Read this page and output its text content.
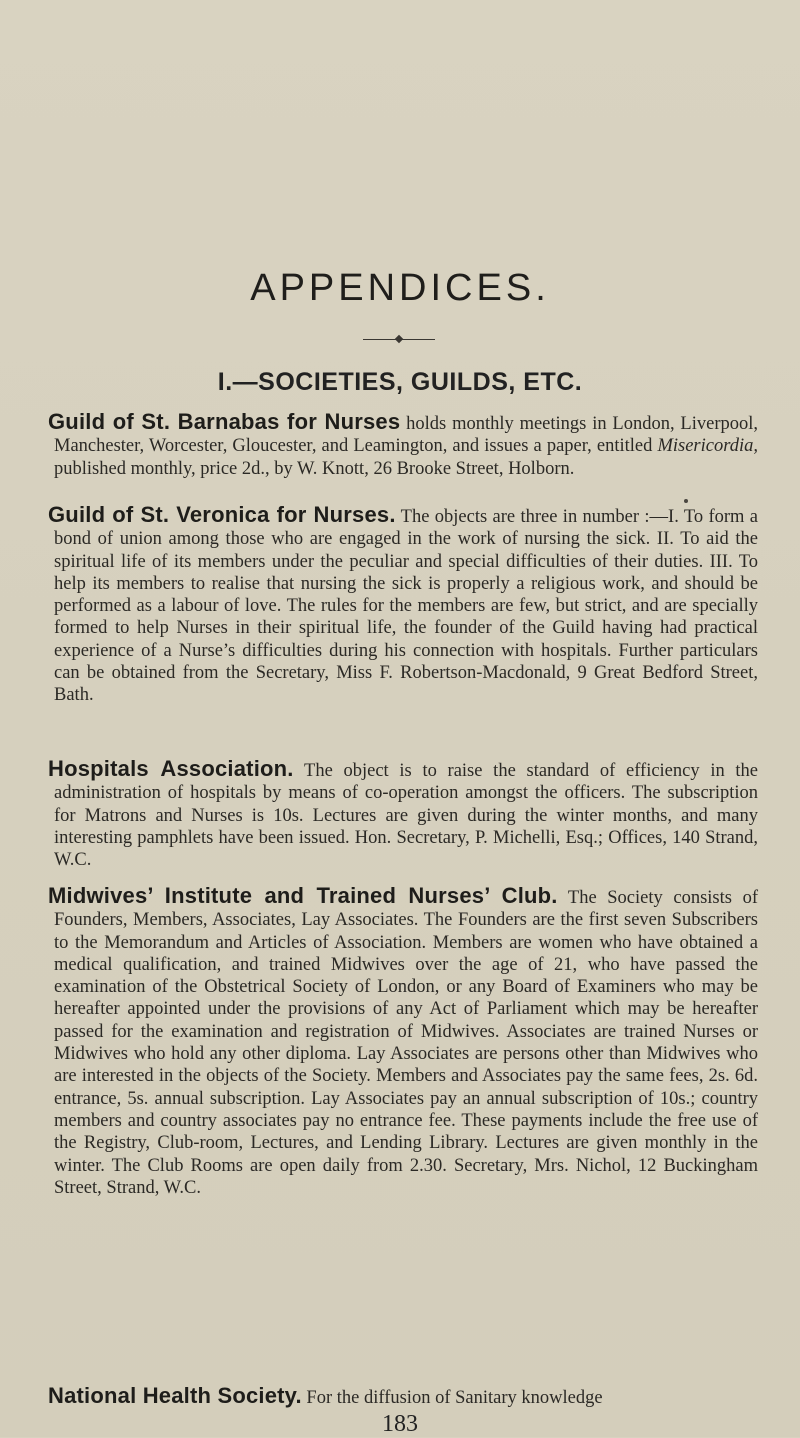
APPENDICES.
I.—SOCIETIES, GUILDS, ETC.

Guild of St. Barnabas for Nurses holds monthly meetings in London, Liverpool, Manchester, Worcester, Gloucester, and Leamington, and issues a paper, entitled Misericordia, published monthly, price 2d., by W. Knott, 26 Brooke Street, Holborn.

Guild of St. Veronica for Nurses. The objects are three in number :—I. To form a bond of union among those who are engaged in the work of nursing the sick. II. To aid the spiritual life of its members under the peculiar and special difficulties of their duties. III. To help its members to realise that nursing the sick is properly a religious work, and should be performed as a labour of love. The rules for the members are few, but strict, and are specially formed to help Nurses in their spiritual life, the founder of the Guild having had practical experience of a Nurse’s difficulties during his connection with hospitals. Further particulars can be obtained from the Secretary, Miss F. Robertson-Macdonald, 9 Great Bedford Street, Bath.

Hospitals Association. The object is to raise the standard of efficiency in the administration of hospitals by means of co-operation amongst the officers. The subscription for Matrons and Nurses is 10s. Lectures are given during the winter months, and many interesting pamphlets have been issued. Hon. Secretary, P. Michelli, Esq.; Offices, 140 Strand, W.C.

Midwives’ Institute and Trained Nurses’ Club. The Society consists of Founders, Members, Associates, Lay Associates. The Founders are the first seven Subscribers to the Memorandum and Articles of Association. Members are women who have obtained a medical qualification, and trained Midwives over the age of 21, who have passed the examination of the Obstetrical Society of London, or any Board of Examiners who may be hereafter appointed under the provisions of any Act of Parliament which may be hereafter passed for the examination and registration of Midwives. Associates are trained Nurses or Midwives who hold any other diploma. Lay Associates are persons other than Midwives who are interested in the objects of the Society. Members and Associates pay the same fees, 2s. 6d. entrance, 5s. annual subscription. Lay Associates pay an annual subscription of 10s.; country members and country associates pay no entrance fee. These payments include the free use of the Registry, Club-room, Lectures, and Lending Library. Lectures are given monthly in the winter. The Club Rooms are open daily from 2.30. Secretary, Mrs. Nichol, 12 Buckingham Street, Strand, W.C.

National Health Society. For the diffusion of Sanitary knowledge

183
